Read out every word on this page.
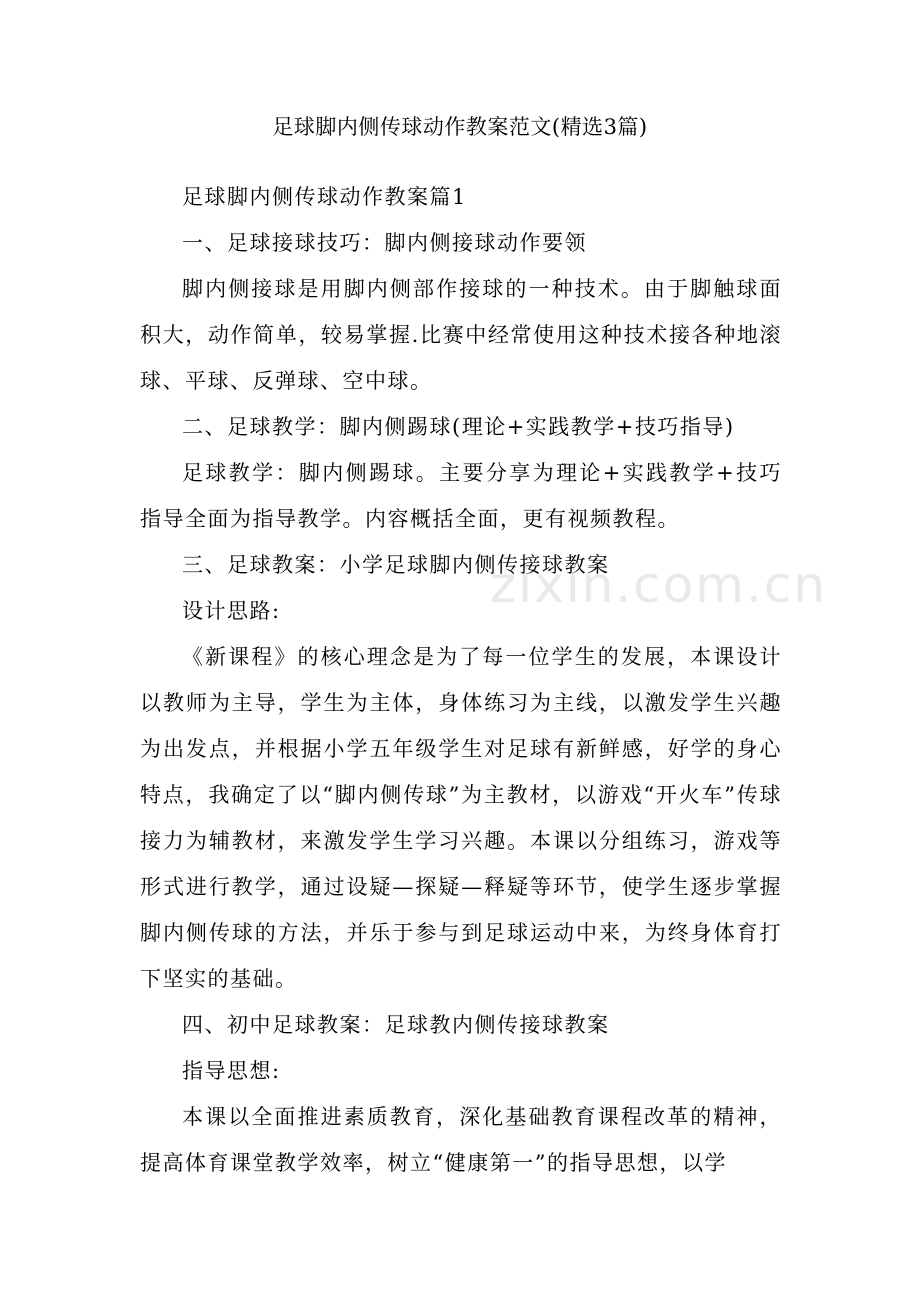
zixin.com.cn
足球脚内侧传球动作教案范文(精选3篇)

足球脚内侧传球动作教案篇1

一、足球接球技巧：脚内侧接球动作要领

脚内侧接球是用脚内侧部作接球的一种技术。由于脚触球面积大，动作简单，较易掌握.比赛中经常使用这种技术接各种地滚球、平球、反弹球、空中球。

二、足球教学：脚内侧踢球(理论+实践教学+技巧指导)

足球教学：脚内侧踢球。主要分享为理论+实践教学+技巧指导全面为指导教学。内容概括全面，更有视频教程。

三、足球教案：小学足球脚内侧传接球教案

设计思路:

《新课程》的核心理念是为了每一位学生的发展，本课设计以教师为主导，学生为主体，身体练习为主线，以激发学生兴趣为出发点，并根据小学五年级学生对足球有新鲜感，好学的身心特点，我确定了以“脚内侧传球”为主教材，以游戏“开火车”传球接力为辅教材，来激发学生学习兴趣。本课以分组练习，游戏等形式进行教学，通过设疑—探疑—释疑等环节，使学生逐步掌握脚内侧传球的方法，并乐于参与到足球运动中来，为终身体育打下坚实的基础。

四、初中足球教案：足球教内侧传接球教案

指导思想:

本课以全面推进素质教育，深化基础教育课程改革的精神，提高体育课堂教学效率，树立“健康第一”的指导思想，以学
